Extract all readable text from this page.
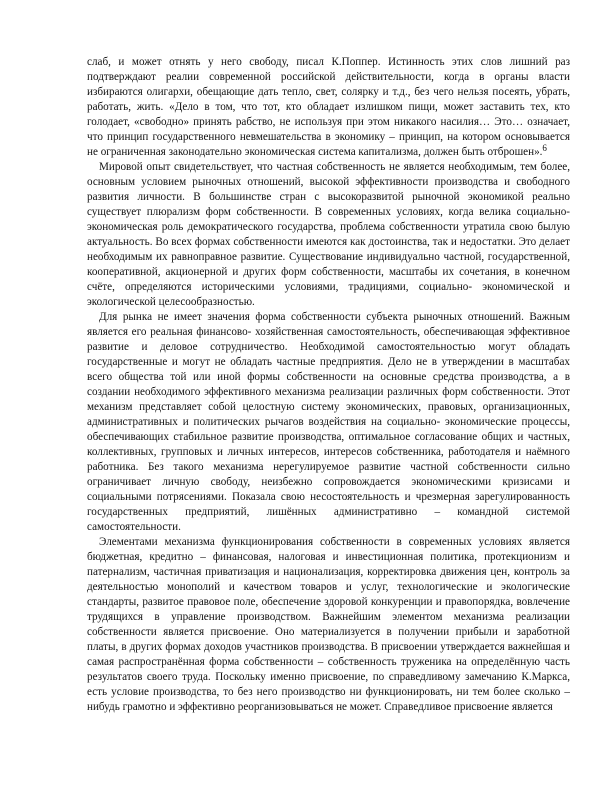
слаб, и может отнять у него свободу, писал К.Поппер. Истинность этих слов лишний раз подтверждают реалии современной российской действительности, когда в органы власти избираются олигархи, обещающие дать тепло, свет, солярку и т.д., без чего нельзя посеять, убрать, работать, жить. «Дело в том, что тот, кто обладает излишком пищи, может заставить тех, кто голодает, «свободно» принять рабство, не используя при этом никакого насилия… Это… означает, что принцип государственного невмешательства в экономику – принцип, на котором основывается не ограниченная законодательно экономическая система капитализма, должен быть отброшен».$^6$

Мировой опыт свидетельствует, что частная собственность не является необходимым, тем более, основным условием рыночных отношений, высокой эффективности производства и свободного развития личности. В большинстве стран с высокоразвитой рыночной экономикой реально существует плюрализм форм собственности. В современных условиях, когда велика социально-экономическая роль демократического государства, проблема собственности утратила свою былую актуальность. Во всех формах собственности имеются как достоинства, так и недостатки. Это делает необходимым их равноправное развитие. Существование индивидуально частной, государственной, кооперативной, акционерной и других форм собственности, масштабы их сочетания, в конечном счёте, определяются историческими условиями, традициями, социально- экономической и экологической целесообразностью.

Для рынка не имеет значения форма собственности субъекта рыночных отношений. Важным является его реальная финансово- хозяйственная самостоятельность, обеспечивающая эффективное развитие и деловое сотрудничество. Необходимой самостоятельностью могут обладать государственные и могут не обладать частные предприятия. Дело не в утверждении в масштабах всего общества той или иной формы собственности на основные средства производства, а в создании необходимого эффективного механизма реализации различных форм собственности. Этот механизм представляет собой целостную систему экономических, правовых, организационных, административных и политических рычагов воздействия на социально- экономические процессы, обеспечивающих стабильное развитие производства, оптимальное согласование общих и частных, коллективных, групповых и личных интересов, интересов собственника, работодателя и наёмного работника. Без такого механизма нерегулируемое развитие частной собственности сильно ограничивает личную свободу, неизбежно сопровождается экономическими кризисами и социальными потрясениями. Показала свою несостоятельность и чрезмерная зарегулированность государственных предприятий, лишённых административно – командной системой самостоятельности.

Элементами механизма функционирования собственности в современных условиях является бюджетная, кредитно – финансовая, налоговая и инвестиционная политика, протекционизм и патернализм, частичная приватизация и национализация, корректировка движения цен, контроль за деятельностью монополий и качеством товаров и услуг, технологические и экологические стандарты, развитое правовое поле, обеспечение здоровой конкуренции и правопорядка, вовлечение трудящихся в управление производством. Важнейшим элементом механизма реализации собственности является присвоение. Оно материализуется в получении прибыли и заработной платы, в других формах доходов участников производства. В присвоении утверждается важнейшая и самая распространённая форма собственности – собственность труженика на определённую часть результатов своего труда. Поскольку именно присвоение, по справедливому замечанию К.Маркса, есть условие производства, то без него производство ни функционировать, ни тем более сколько – нибудь грамотно и эффективно реорганизовываться не может. Справедливое присвоение является
